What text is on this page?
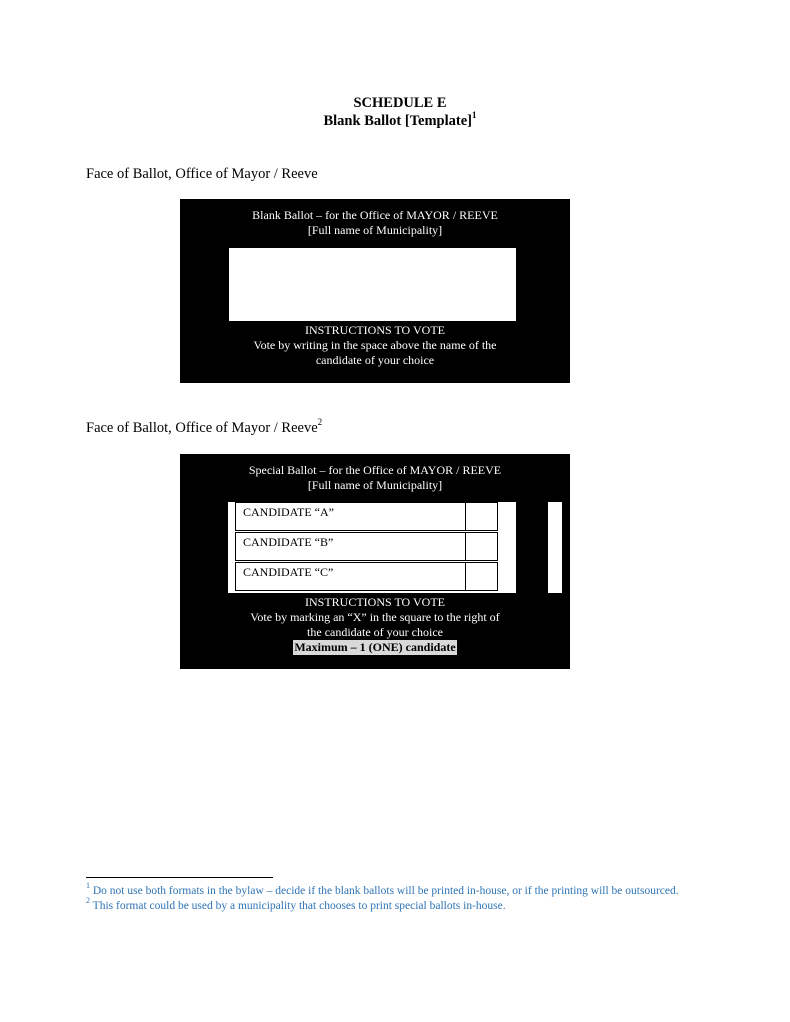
SCHEDULE E
Blank Ballot [Template]$^1$
Face of Ballot, Office of Mayor / Reeve
Blank Ballot – for the Office of MAYOR / REEVE
[Full name of Municipality]
INSTRUCTIONS TO VOTE
Vote by writing in the space above the name of the
candidate of your choice
Face of Ballot, Office of Mayor / Reeve$^2$
Special Ballot – for the Office of MAYOR / REEVE
[Full name of Municipality]
CANDIDATE “A”
CANDIDATE “B”
CANDIDATE “C”
INSTRUCTIONS TO VOTE
Vote by marking an “X” in the square to the right of
the candidate of your choice
Maximum – 1 (ONE) candidate

$^1$ Do not use both formats in the bylaw – decide if the blank ballots will be printed in-house, or if the printing will be outsourced.

$^2$ This format could be used by a municipality that chooses to print special ballots in-house.
